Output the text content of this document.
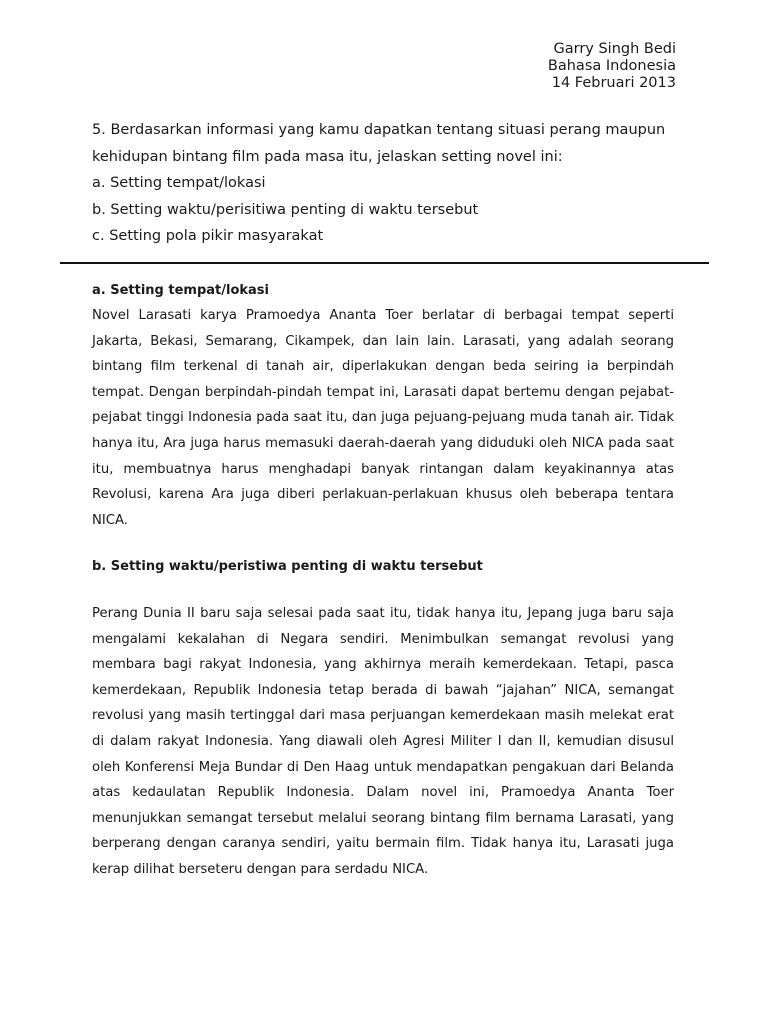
Garry Singh Bedi
Bahasa Indonesia
14 Februari 2013
5. Berdasarkan informasi yang kamu dapatkan tentang situasi perang maupun
kehidupan bintang film pada masa itu, jelaskan setting novel ini:
a. Setting tempat/lokasi
b. Setting waktu/perisitiwa penting di waktu tersebut
c. Setting pola pikir masyarakat
a. Setting tempat/lokasi

Novel Larasati karya Pramoedya Ananta Toer berlatar di berbagai tempat seperti Jakarta, Bekasi, Semarang, Cikampek, dan lain lain. Larasati, yang adalah seorang bintang film terkenal di tanah air, diperlakukan dengan beda seiring ia berpindah tempat. Dengan berpindah-pindah tempat ini, Larasati dapat bertemu dengan pejabat-pejabat tinggi Indonesia pada saat itu, dan juga pejuang-pejuang muda tanah air. Tidak hanya itu, Ara juga harus memasuki daerah-daerah yang diduduki oleh NICA pada saat itu, membuatnya harus menghadapi banyak rintangan dalam keyakinannya atas Revolusi, karena Ara juga diberi perlakuan-perlakuan khusus oleh beberapa tentara NICA.

b. Setting waktu/peristiwa penting di waktu tersebut

Perang Dunia II baru saja selesai pada saat itu, tidak hanya itu, Jepang juga baru saja mengalami kekalahan di Negara sendiri. Menimbulkan semangat revolusi yang membara bagi rakyat Indonesia, yang akhirnya meraih kemerdekaan. Tetapi, pasca kemerdekaan, Republik Indonesia tetap berada di bawah “jajahan” NICA, semangat revolusi yang masih tertinggal dari masa perjuangan kemerdekaan masih melekat erat di dalam rakyat Indonesia. Yang diawali oleh Agresi Militer I dan II, kemudian disusul oleh Konferensi Meja Bundar di Den Haag untuk mendapatkan pengakuan dari Belanda atas kedaulatan Republik Indonesia. Dalam novel ini, Pramoedya Ananta Toer menunjukkan semangat tersebut melalui seorang bintang film bernama Larasati, yang berperang dengan caranya sendiri, yaitu bermain film. Tidak hanya itu, Larasati juga kerap dilihat berseteru dengan para serdadu NICA.
